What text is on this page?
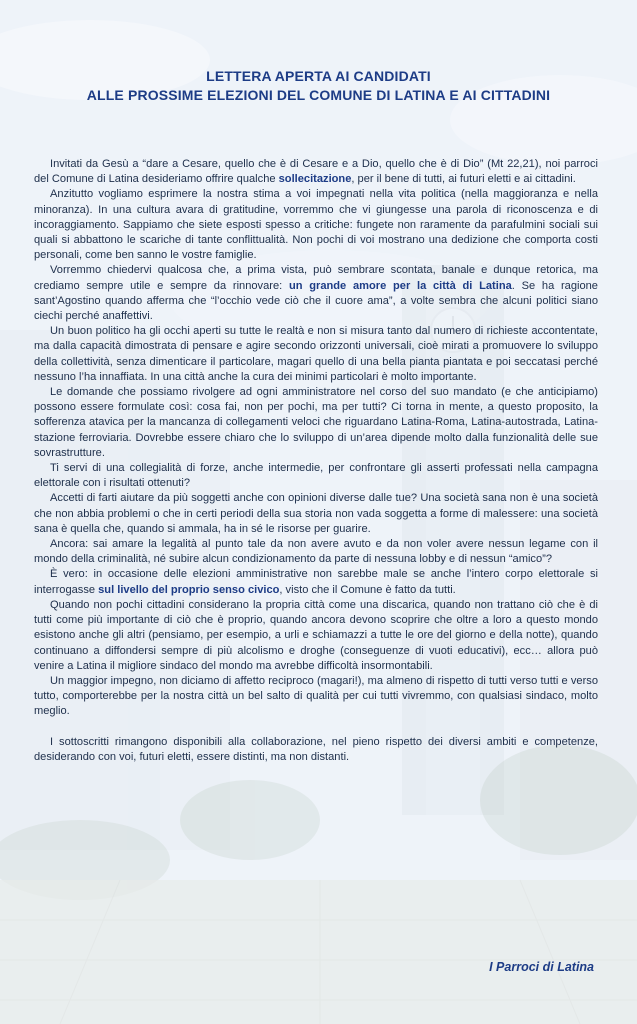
LETTERA APERTA AI CANDIDATI
ALLE PROSSIME ELEZIONI DEL COMUNE DI LATINA E AI CITTADINI

Invitati da Gesù a “dare a Cesare, quello che è di Cesare e a Dio, quello che è di Dio” (Mt 22,21), noi parroci del Comune di Latina desideriamo offrire qualche sollecitazione, per il bene di tutti, ai futuri eletti e ai cittadini.

Anzitutto vogliamo esprimere la nostra stima a voi impegnati nella vita politica (nella maggioranza e nella minoranza). In una cultura avara di gratitudine, vorremmo che vi giungesse una parola di riconoscenza e di incoraggiamento. Sappiamo che siete esposti spesso a critiche: fungete non raramente da parafulmini sociali sui quali si abbattono le scariche di tante conflittualità. Non pochi di voi mostrano una dedizione che comporta costi personali, come ben sanno le vostre famiglie.

Vorremmo chiedervi qualcosa che, a prima vista, può sembrare scontata, banale e dunque retorica, ma crediamo sempre utile e sempre da rinnovare: un grande amore per la città di Latina. Se ha ragione sant’Agostino quando afferma che “l’occhio vede ciò che il cuore ama”, a volte sembra che alcuni politici siano ciechi perché anaffettivi.

Un buon politico ha gli occhi aperti su tutte le realtà e non si misura tanto dal numero di richieste accontentate, ma dalla capacità dimostrata di pensare e agire secondo orizzonti universali, cioè mirati a promuovere lo sviluppo della collettività, senza dimenticare il particolare, magari quello di una bella pianta piantata e poi seccatasi perché nessuno l’ha innaffiata. In una città anche la cura dei minimi particolari è molto importante.

Le domande che possiamo rivolgere ad ogni amministratore nel corso del suo mandato (e che anticipiamo) possono essere formulate così: cosa fai, non per pochi, ma per tutti? Ci torna in mente, a questo proposito, la sofferenza atavica per la mancanza di collegamenti veloci che riguardano Latina-Roma, Latina-autostrada, Latina-stazione ferroviaria. Dovrebbe essere chiaro che lo sviluppo di un’area dipende molto dalla funzionalità delle sue sovrastrutture.

Ti servi di una collegialità di forze, anche intermedie, per confrontare gli asserti professati nella campagna elettorale con i risultati ottenuti?

Accetti di farti aiutare da più soggetti anche con opinioni diverse dalle tue? Una società sana non è una società che non abbia problemi o che in certi periodi della sua storia non vada soggetta a forme di malessere: una società sana è quella che, quando si ammala, ha in sé le risorse per guarire.

Ancora: sai amare la legalità al punto tale da non avere avuto e da non voler avere nessun legame con il mondo della criminalità, né subire alcun condizionamento da parte di nessuna lobby e di nessun “amico”?

È vero: in occasione delle elezioni amministrative non sarebbe male se anche l’intero corpo elettorale si interrogasse sul livello del proprio senso civico, visto che il Comune è fatto da tutti.

Quando non pochi cittadini considerano la propria città come una discarica, quando non trattano ciò che è di tutti come più importante di ciò che è proprio, quando ancora devono scoprire che oltre a loro a questo mondo esistono anche gli altri (pensiamo, per esempio, a urli e schiamazzi a tutte le ore del giorno e della notte), quando continuano a diffondersi sempre di più alcolismo e droghe (conseguenze di vuoti educativi), ecc… allora può venire a Latina il migliore sindaco del mondo ma avrebbe difficoltà insormontabili.

Un maggior impegno, non diciamo di affetto reciproco (magari!), ma almeno di rispetto di tutti verso tutti e verso tutto, comporterebbe per la nostra città un bel salto di qualità per cui tutti vivremmo, con qualsiasi sindaco, molto meglio.

I sottoscritti rimangono disponibili alla collaborazione, nel pieno rispetto dei diversi ambiti e competenze, desiderando con voi, futuri eletti, essere distinti, ma non distanti.

I Parroci di Latina
